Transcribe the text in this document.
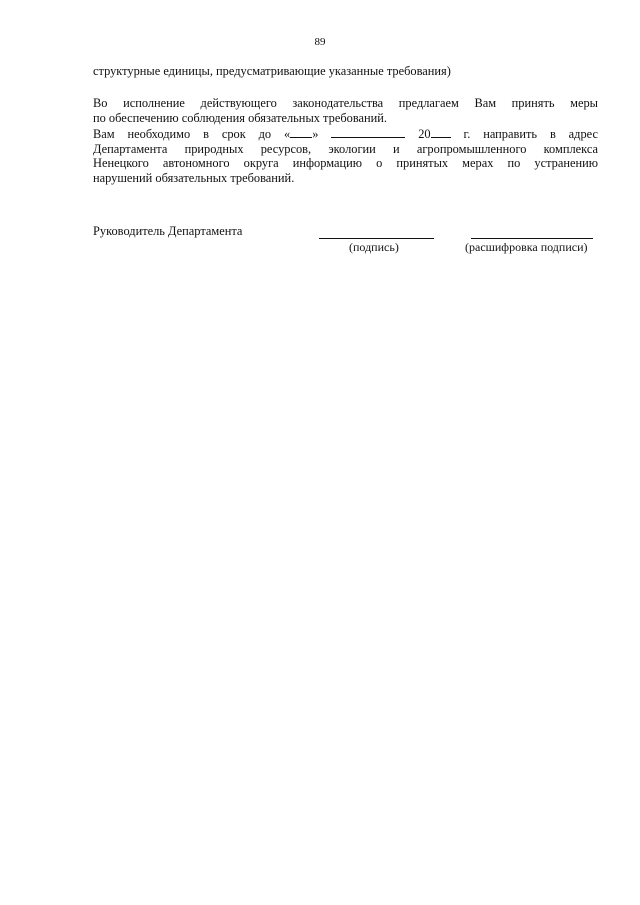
89
структурные единицы, предусматривающие указанные требования)
Во исполнение действующего законодательства предлагаем Вам принять меры
по обеспечению соблюдения обязательных требований.
Вам необходимо в срок до « »	20	г. направить в адрес
Департамента природных ресурсов, экологии и агропромышленного комплекса
Ненецкого автономного округа информацию о принятых мерах по устранению
нарушений обязательных требований.
Руководитель Департамента
(подпись)	(расшифровка подписи)
